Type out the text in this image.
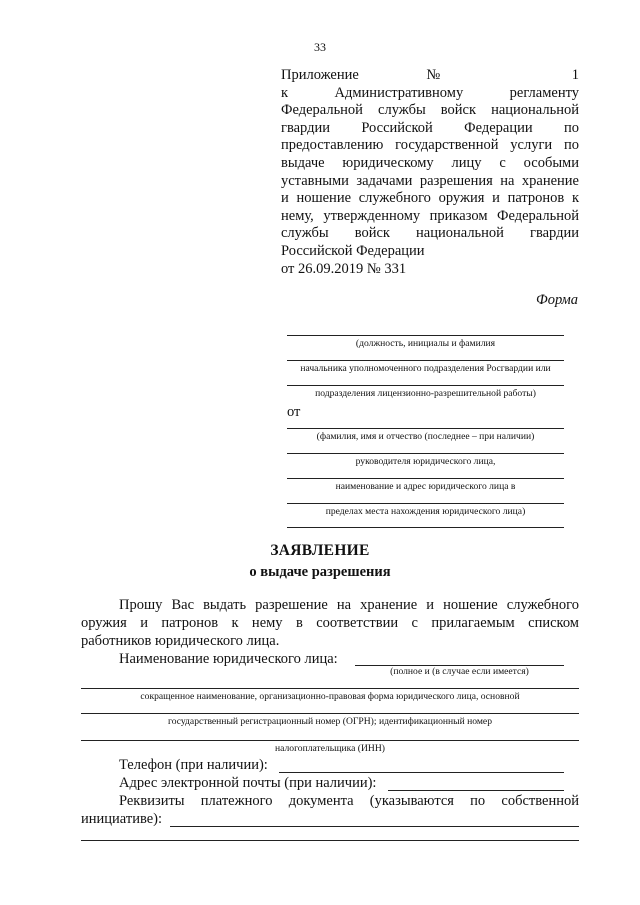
33
Приложение № 1
к Административному регламенту
Федеральной службы войск национальной
гвардии Российской Федерации по
предоставлению государственной услуги по
выдаче юридическому лицу с особыми
уставными задачами разрешения на хранение
и ношение служебного оружия и патронов к
нему, утвержденному приказом Федеральной
службы войск национальной гвардии
Российской Федерации
от 26.09.2019 № 331
Форма
(должность, инициалы и фамилия
начальника уполномоченного подразделения Росгвардии или
подразделения лицензионно-разрешительной работы)
от
(фамилия, имя и отчество (последнее – при наличии)
руководителя юридического лица,
наименование и адрес юридического лица в
пределах места нахождения юридического лица)
ЗАЯВЛЕНИЕ
о выдаче разрешения
Прошу Вас выдать разрешение на хранение и ношение служебного
оружия и патронов к нему в соответствии с прилагаемым списком
работников юридического лица.
Наименование юридического лица:
(полное и (в случае если имеется)
сокращенное наименование, организационно-правовая форма юридического лица, основной
государственный регистрационный номер (ОГРН); идентификационный номер
налогоплательщика (ИНН)
Телефон (при наличии):
Адрес электронной почты (при наличии):
Реквизиты платежного документа (указываются по собственной
инициативе):
